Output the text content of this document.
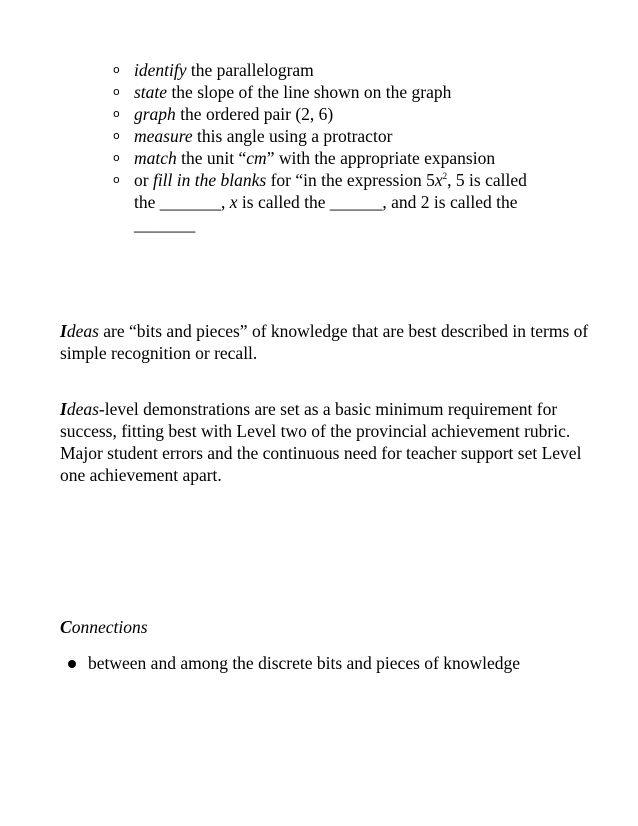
o identify the parallelogram
o state the slope of the line shown on the graph
o graph the ordered pair (2, 6)
o measure this angle using a protractor
o match the unit “cm” with the appropriate expansion
o or fill in the blanks for “in the expression $5x^2$, 5 is called
the _______, x is called the ______, and 2 is called the
_______

Ideas are “bits and pieces” of knowledge that are best described in terms of simple recognition or recall.

Ideas-level demonstrations are set as a basic minimum requirement for success, fitting best with Level two of the provincial achievement rubric. Major student errors and the continuous need for teacher support set Level one achievement apart.

Connections
between and among the discrete bits and pieces of knowledge
